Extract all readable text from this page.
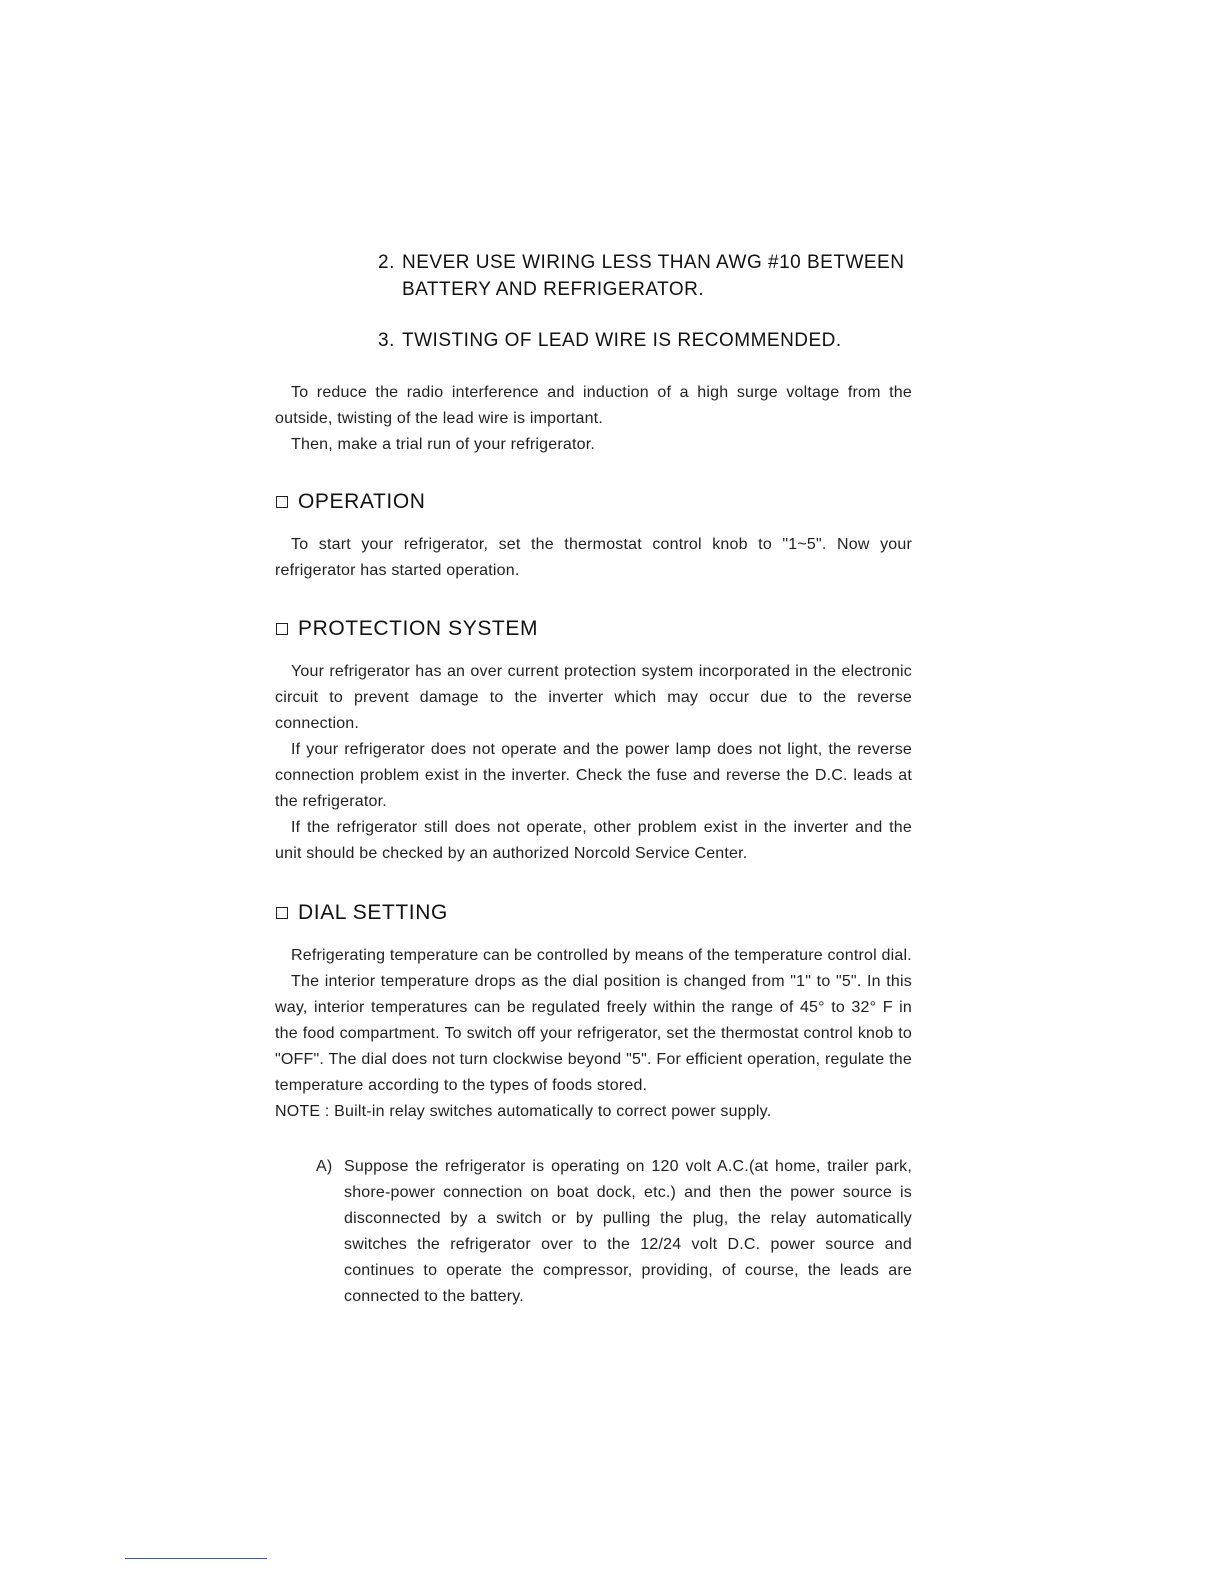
2. NEVER USE WIRING LESS THAN AWG #10 BETWEEN BATTERY AND REFRIGERATOR.
3. TWISTING OF LEAD WIRE IS RECOMMENDED.

To reduce the radio interference and induction of a high surge voltage from the outside, twisting of the lead wire is important.

Then, make a trial run of your refrigerator.

OPERATION

To start your refrigerator, set the thermostat control knob to "1~5". Now your refrigerator has started operation.

PROTECTION SYSTEM

Your refrigerator has an over current protection system incorporated in the electronic circuit to prevent damage to the inverter which may occur due to the reverse connection.

If your refrigerator does not operate and the power lamp does not light, the reverse connection problem exist in the inverter. Check the fuse and reverse the D.C. leads at the refrigerator.

If the refrigerator still does not operate, other problem exist in the inverter and the unit should be checked by an authorized Norcold Service Center.

DIAL SETTING

Refrigerating temperature can be controlled by means of the temperature control dial.

The interior temperature drops as the dial position is changed from "1" to "5". In this way, interior temperatures can be regulated freely within the range of 45° to 32° F in the food compartment. To switch off your refrigerator, set the thermostat control knob to "OFF". The dial does not turn clockwise beyond "5". For efficient operation, regulate the temperature according to the types of foods stored.

NOTE : Built-in relay switches automatically to correct power supply.

A) Suppose the refrigerator is operating on 120 volt A.C.(at home, trailer park, shore-power connection on boat dock, etc.) and then the power source is disconnected by a switch or by pulling the plug, the relay automatically switches the refrigerator over to the 12/24 volt D.C. power source and continues to operate the compressor, providing, of course, the leads are connected to the battery.
